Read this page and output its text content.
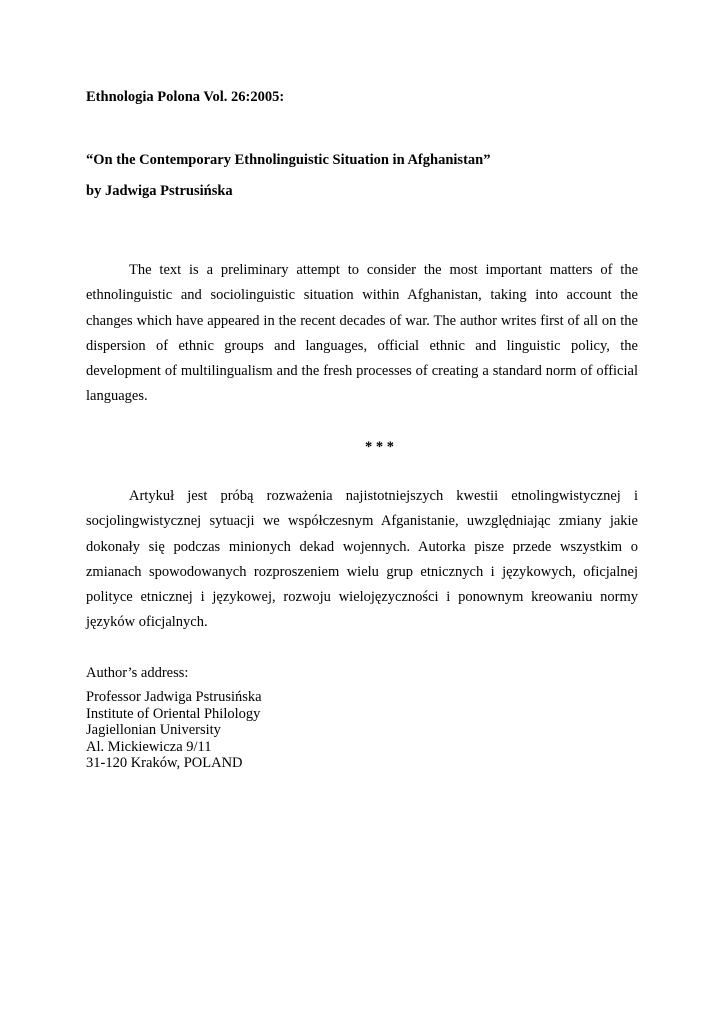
Ethnologia Polona Vol. 26:2005:
“On the Contemporary Ethnolinguistic Situation in Afghanistan”
by Jadwiga Pstrusińska

The text is a preliminary attempt to consider the most important matters of the ethnolinguistic and sociolinguistic situation within Afghanistan, taking into account the changes which have appeared in the recent decades of war. The author writes first of all on the dispersion of ethnic groups and languages, official ethnic and linguistic policy, the development of multilingualism and the fresh processes of creating a standard norm of official languages.

* * *

Artykuł jest próbą rozważenia najistotniejszych kwestii etnolingwistycznej i socjolingwistycznej sytuacji we współczesnym Afganistanie, uwzględniając zmiany jakie dokonały się podczas minionych dekad wojennych. Autorka pisze przede wszystkim o zmianach spowodowanych rozproszeniem wielu grup etnicznych i językowych, oficjalnej polityce etnicznej i językowej, rozwoju wielojęzyczności i ponownym kreowaniu normy języków oficjalnych.

Author’s address:
Professor Jadwiga Pstrusińska
Institute of Oriental Philology
Jagiellonian University
Al. Mickiewicza 9/11
31-120 Kraków, POLAND
